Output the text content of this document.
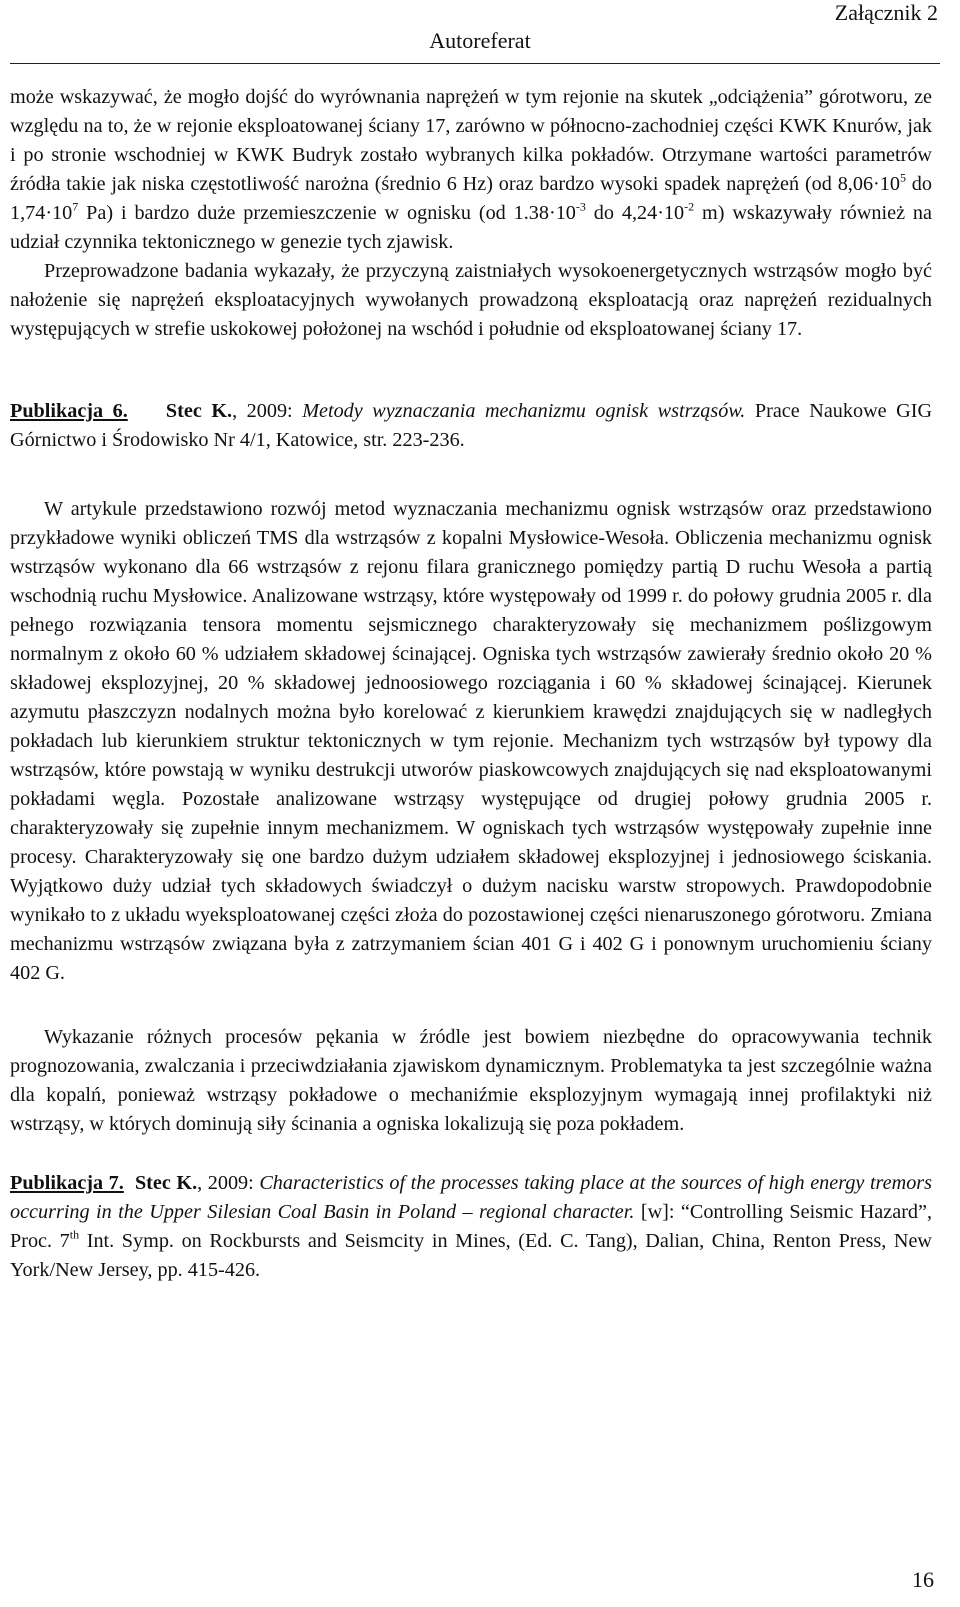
Załącznik 2
Autoreferat

może wskazywać, że mogło dojść do wyrównania naprężeń w tym rejonie na skutek „odciążenia” górotworu, ze względu na to, że w rejonie eksploatowanej ściany 17, zarówno w północno-zachodniej części KWK Knurów, jak i po stronie wschodniej w KWK Budryk zostało wybranych kilka pokładów. Otrzymane wartości parametrów źródła takie jak niska częstotliwość narożna (średnio 6 Hz) oraz bardzo wysoki spadek naprężeń (od $8,06\cdot 10^5$ do $1,74\cdot 10^7$ Pa) i bardzo duże przemieszczenie w ognisku (od $1.38\cdot 10^{-3}$ do $4,24\cdot 10^{-2}$ m) wskazywały również na udział czynnika tektonicznego w genezie tych zjawisk.

Przeprowadzone badania wykazały, że przyczyną zaistniałych wysokoenergetycznych wstrząsów mogło być nałożenie się naprężeń eksploatacyjnych wywołanych prowadzoną eksploatacją oraz naprężeń rezidualnych występujących w strefie uskokowej położonej na wschód i południe od eksploatowanej ściany 17.

Publikacja 6. Stec K., 2009: Metody wyznaczania mechanizmu ognisk wstrząsów. Prace Naukowe GIG Górnictwo i Środowisko Nr 4/1, Katowice, str. 223-236.

W artykule przedstawiono rozwój metod wyznaczania mechanizmu ognisk wstrząsów oraz przedstawiono przykładowe wyniki obliczeń TMS dla wstrząsów z kopalni Mysłowice-Wesoła. Obliczenia mechanizmu ognisk wstrząsów wykonano dla 66 wstrząsów z rejonu filara granicznego pomiędzy partią D ruchu Wesoła a partią wschodnią ruchu Mysłowice. Analizowane wstrząsy, które występowały od 1999 r. do połowy grudnia 2005 r. dla pełnego rozwiązania tensora momentu sejsmicznego charakteryzowały się mechanizmem poślizgowym normalnym z około 60 % udziałem składowej ścinającej. Ogniska tych wstrząsów zawierały średnio około 20 % składowej eksplozyjnej, 20 % składowej jednoosiowego rozciągania i 60 % składowej ścinającej. Kierunek azymutu płaszczyzn nodalnych można było korelować z kierunkiem krawędzi znajdujących się w nadległych pokładach lub kierunkiem struktur tektonicznych w tym rejonie. Mechanizm tych wstrząsów był typowy dla wstrząsów, które powstają w wyniku destrukcji utworów piaskowcowych znajdujących się nad eksploatowanymi pokładami węgla. Pozostałe analizowane wstrząsy występujące od drugiej połowy grudnia 2005 r. charakteryzowały się zupełnie innym mechanizmem. W ogniskach tych wstrząsów występowały zupełnie inne procesy. Charakteryzowały się one bardzo dużym udziałem składowej eksplozyjnej i jednosiowego ściskania. Wyjątkowo duży udział tych składowych świadczył o dużym nacisku warstw stropowych. Prawdopodobnie wynikało to z układu wyeksploatowanej części złoża do pozostawionej części nienaruszonego górotworu. Zmiana mechanizmu wstrząsów związana była z zatrzymaniem ścian 401 G i 402 G i ponownym uruchomieniu ściany 402 G.

Wykazanie różnych procesów pękania w źródle jest bowiem niezbędne do opracowywania technik prognozowania, zwalczania i przeciwdziałania zjawiskom dynamicznym. Problematyka ta jest szczególnie ważna dla kopalń, ponieważ wstrząsy pokładowe o mechaniźmie eksplozyjnym wymagają innej profilaktyki niż wstrząsy, w których dominują siły ścinania a ogniska lokalizują się poza pokładem.

Publikacja 7. Stec K., 2009: Characteristics of the processes taking place at the sources of high energy tremors occurring in the Upper Silesian Coal Basin in Poland – regional character. [w]: “Controlling Seismic Hazard”, Proc. 7th Int. Symp. on Rockbursts and Seismcity in Mines, (Ed. C. Tang), Dalian, China, Renton Press, New York/New Jersey, pp. 415-426.

16
